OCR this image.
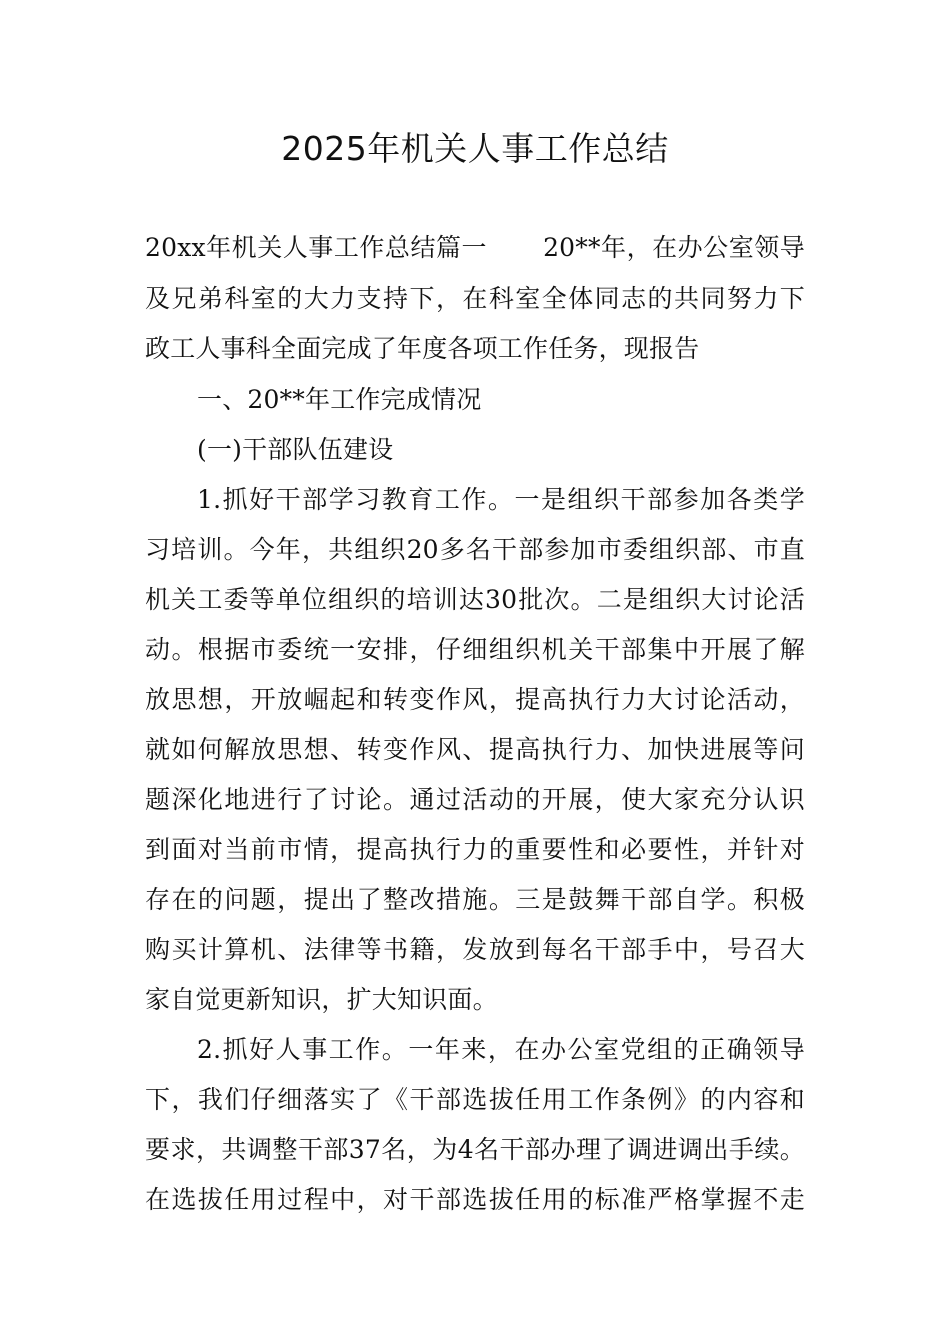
2025年机关人事工作总结
20xx年机关人事工作总结篇一 20**年，在办公室领导
及兄弟科室的大力支持下，在科室全体同志的共同努力下
政工人事科全面完成了年度各项工作任务，现报告
一、20**年工作完成情况
(一)干部队伍建设
1.抓好干部学习教育工作。一是组织干部参加各类学
习培训。今年，共组织20多名干部参加市委组织部、市直
机关工委等单位组织的培训达30批次。二是组织大讨论活
动。根据市委统一安排，仔细组织机关干部集中开展了解
放思想，开放崛起和转变作风，提高执行力大讨论活动，
就如何解放思想、转变作风、提高执行力、加快进展等问
题深化地进行了讨论。通过活动的开展，使大家充分认识
到面对当前市情，提高执行力的重要性和必要性，并针对
存在的问题，提出了整改措施。三是鼓舞干部自学。积极
购买计算机、法律等书籍，发放到每名干部手中，号召大
家自觉更新知识，扩大知识面。
2.抓好人事工作。一年来，在办公室党组的正确领导
下，我们仔细落实了《干部选拔任用工作条例》的内容和
要求，共调整干部37名，为4名干部办理了调进调出手续。
在选拔任用过程中，对干部选拔任用的标准严格掌握不走
